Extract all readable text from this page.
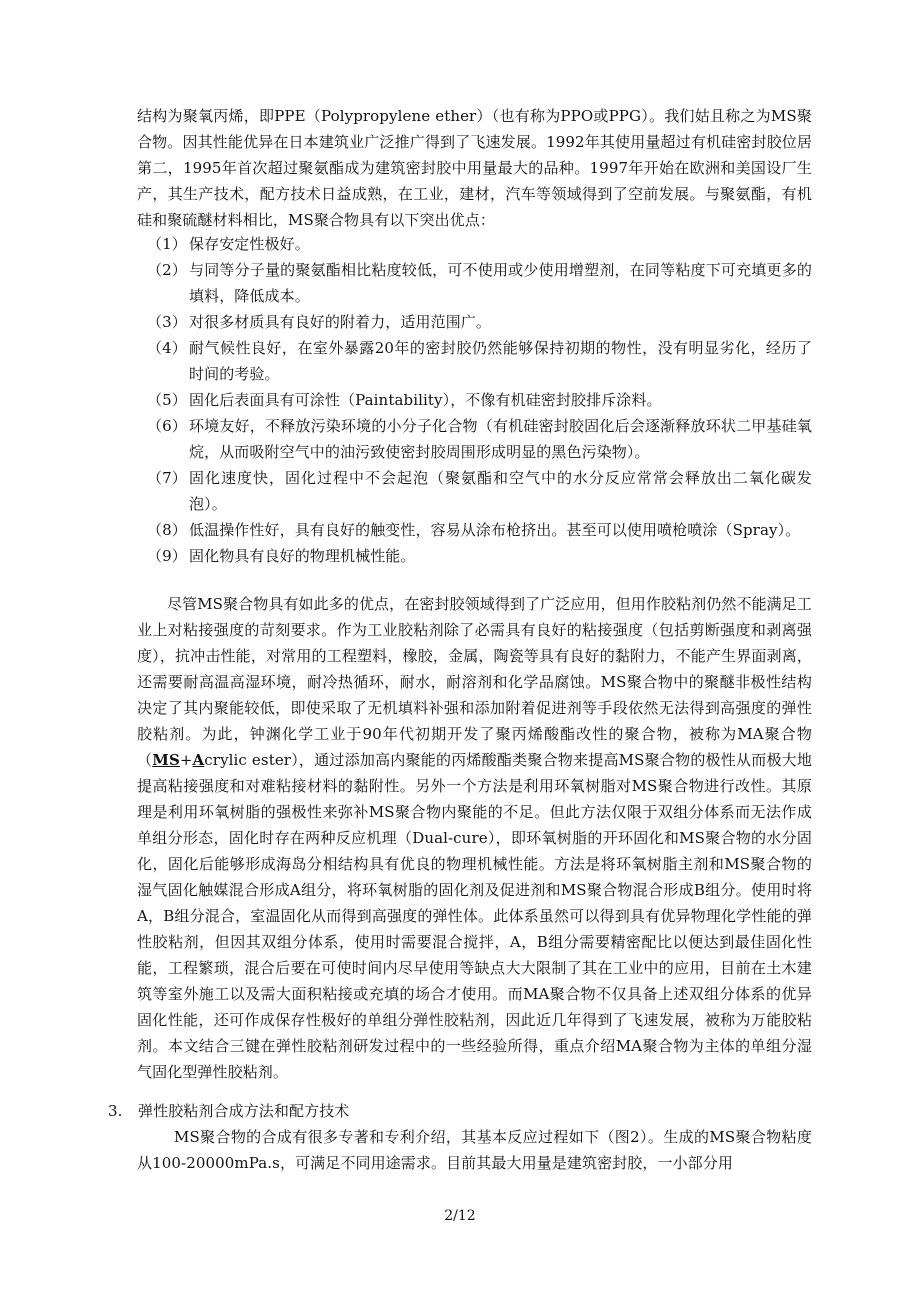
结构为聚氧丙烯，即PPE（Polypropylene ether）（也有称为PPO或PPG）。我们姑且称之为MS聚合物。因其性能优异在日本建筑业广泛推广得到了飞速发展。1992年其使用量超过有机硅密封胶位居第二，1995年首次超过聚氨酯成为建筑密封胶中用量最大的品种。1997年开始在欧洲和美国设厂生产，其生产技术，配方技术日益成熟，在工业，建材，汽车等领域得到了空前发展。与聚氨酯，有机硅和聚硫醚材料相比，MS聚合物具有以下突出优点：

（1） 保存安定性极好。
（2） 与同等分子量的聚氨酯相比粘度较低，可不使用或少使用增塑剂，在同等粘度下可充填更多的填料，降低成本。
（3） 对很多材质具有良好的附着力，适用范围广。
（4） 耐气候性良好，在室外暴露20年的密封胶仍然能够保持初期的物性，没有明显劣化，经历了时间的考验。
（5） 固化后表面具有可涂性（Paintability），不像有机硅密封胶排斥涂料。
（6） 环境友好，不释放污染环境的小分子化合物（有机硅密封胶固化后会逐渐释放环状二甲基硅氧烷，从而吸附空气中的油污致使密封胶周围形成明显的黑色污染物）。
（7） 固化速度快，固化过程中不会起泡（聚氨酯和空气中的水分反应常常会释放出二氧化碳发泡）。
（8） 低温操作性好，具有良好的触变性，容易从涂布枪挤出。甚至可以使用喷枪喷涂（Spray）。
（9） 固化物具有良好的物理机械性能。

尽管MS聚合物具有如此多的优点，在密封胶领域得到了广泛应用，但用作胶粘剂仍然不能满足工业上对粘接强度的苛刻要求。作为工业胶粘剂除了必需具有良好的粘接强度（包括剪断强度和剥离强度），抗冲击性能，对常用的工程塑料，橡胶，金属，陶瓷等具有良好的黏附力，不能产生界面剥离，还需要耐高温高湿环境，耐冷热循环，耐水，耐溶剂和化学品腐蚀。MS聚合物中的聚醚非极性结构决定了其内聚能较低，即使采取了无机填料补强和添加附着促进剂等手段依然无法得到高强度的弹性胶粘剂。为此，钟渊化学工业于90年代初期开发了聚丙烯酸酯改性的聚合物，被称为MA聚合物（MS+Acrylic ester），通过添加高内聚能的丙烯酸酯类聚合物来提高MS聚合物的极性从而极大地提高粘接强度和对难粘接材料的黏附性。另外一个方法是利用环氧树脂对MS聚合物进行改性。其原理是利用环氧树脂的强极性来弥补MS聚合物内聚能的不足。但此方法仅限于双组分体系而无法作成单组分形态，固化时存在两种反应机理（Dual-cure），即环氧树脂的开环固化和MS聚合物的水分固化，固化后能够形成海岛分相结构具有优良的物理机械性能。方法是将环氧树脂主剂和MS聚合物的湿气固化触媒混合形成A组分，将环氧树脂的固化剂及促进剂和MS聚合物混合形成B组分。使用时将A，B组分混合，室温固化从而得到高强度的弹性体。此体系虽然可以得到具有优异物理化学性能的弹性胶粘剂，但因其双组分体系，使用时需要混合搅拌，A，B组分需要精密配比以便达到最佳固化性能，工程繁琐，混合后要在可使时间内尽早使用等缺点大大限制了其在工业中的应用，目前在土木建筑等室外施工以及需大面积粘接或充填的场合才使用。而MA聚合物不仅具备上述双组分体系的优异固化性能，还可作成保存性极好的单组分弹性胶粘剂，因此近几年得到了飞速发展，被称为万能胶粘剂。本文结合三键在弹性胶粘剂研发过程中的一些经验所得，重点介绍MA聚合物为主体的单组分湿气固化型弹性胶粘剂。

3. 弹性胶粘剂合成方法和配方技术

MS聚合物的合成有很多专著和专利介绍，其基本反应过程如下（图2）。生成的MS聚合物粘度从100-20000mPa.s，可满足不同用途需求。目前其最大用量是建筑密封胶，一小部分用

2/12
